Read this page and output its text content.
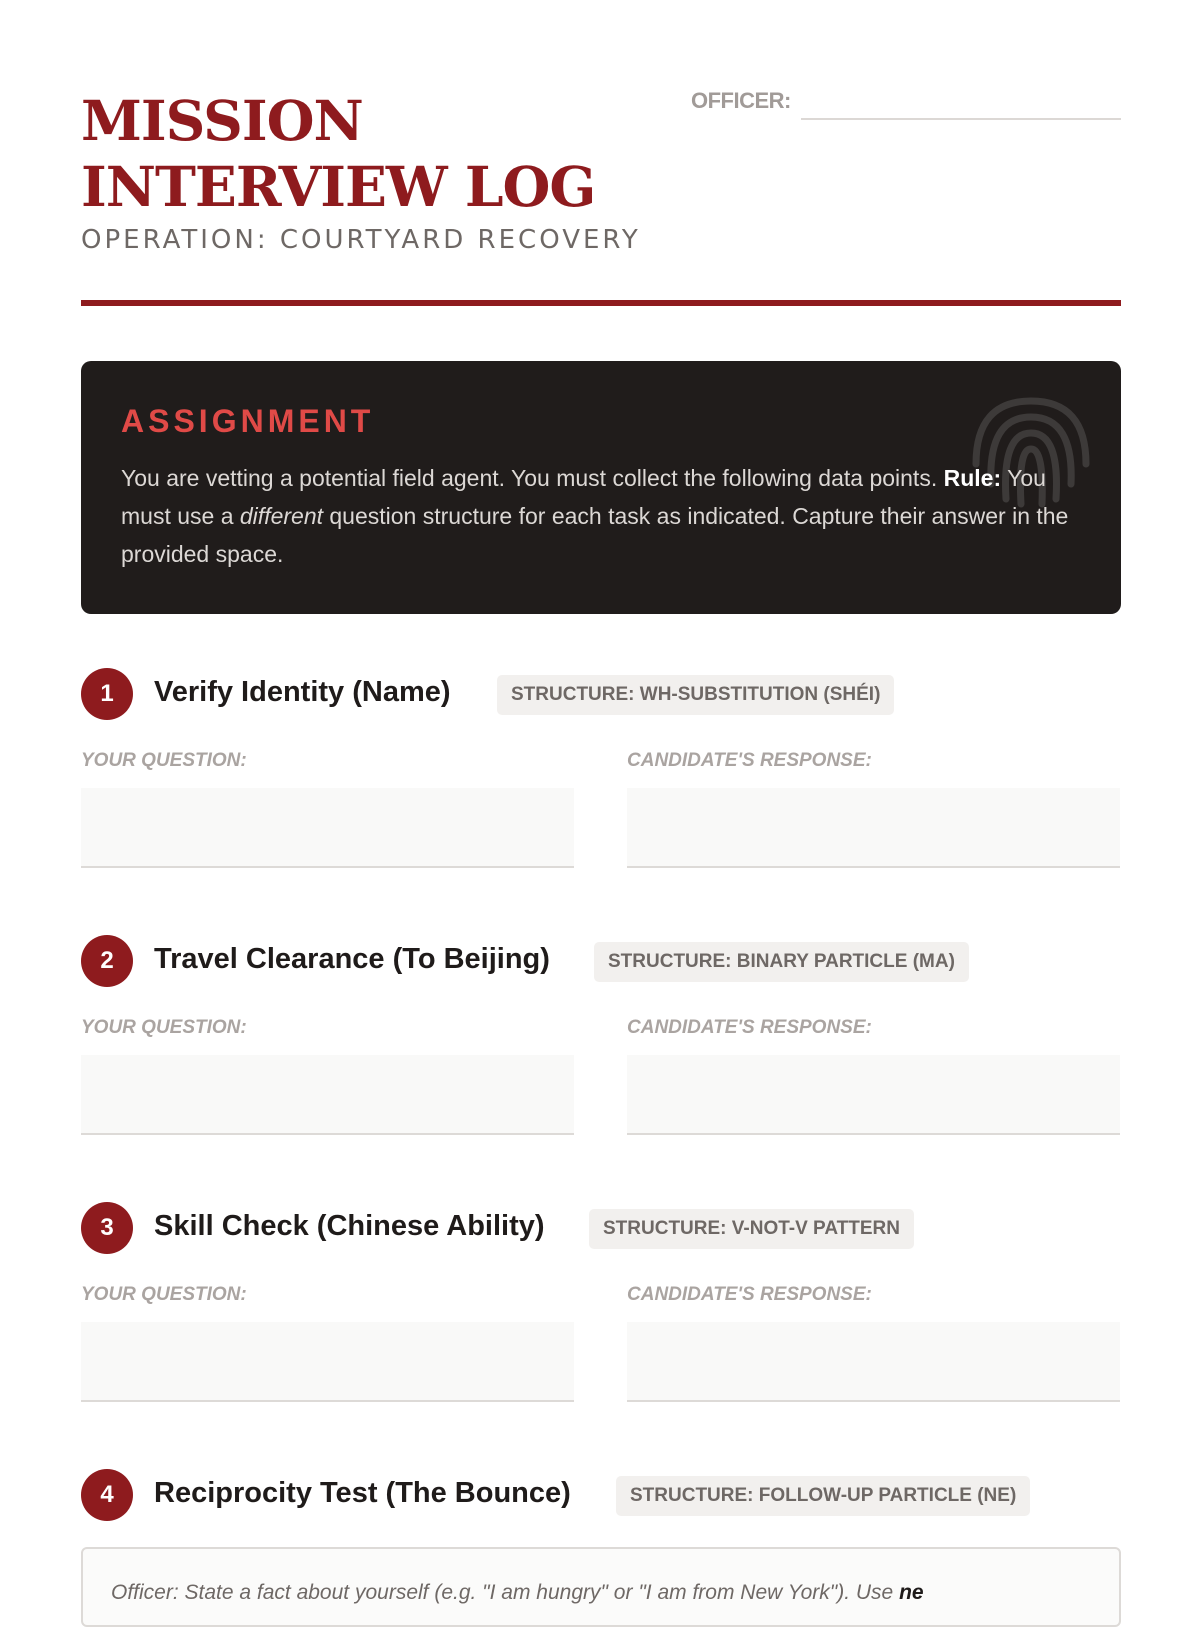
MISSION
INTERVIEW LOG
OPERATION: COURTYARD RECOVERY
OFFICER:
ASSIGNMENT
You are vetting a potential field agent. You must collect the following data points. Rule: You must use a different question structure for each task as indicated. Capture their answer in the provided space.
1	Verify Identity (Name)	STRUCTURE: WH-SUBSTITUTION (SHÉI)
YOUR QUESTION:	CANDIDATE'S RESPONSE:
2	Travel Clearance (To Beijing)	STRUCTURE: BINARY PARTICLE (MA)
YOUR QUESTION:	CANDIDATE'S RESPONSE:
3	Skill Check (Chinese Ability)	STRUCTURE: V-NOT-V PATTERN
YOUR QUESTION:	CANDIDATE'S RESPONSE:
4	Reciprocity Test (The Bounce)	STRUCTURE: FOLLOW-UP PARTICLE (NE)
Officer: State a fact about yourself (e.g. "I am hungry" or "I am from New York"). Use ne
